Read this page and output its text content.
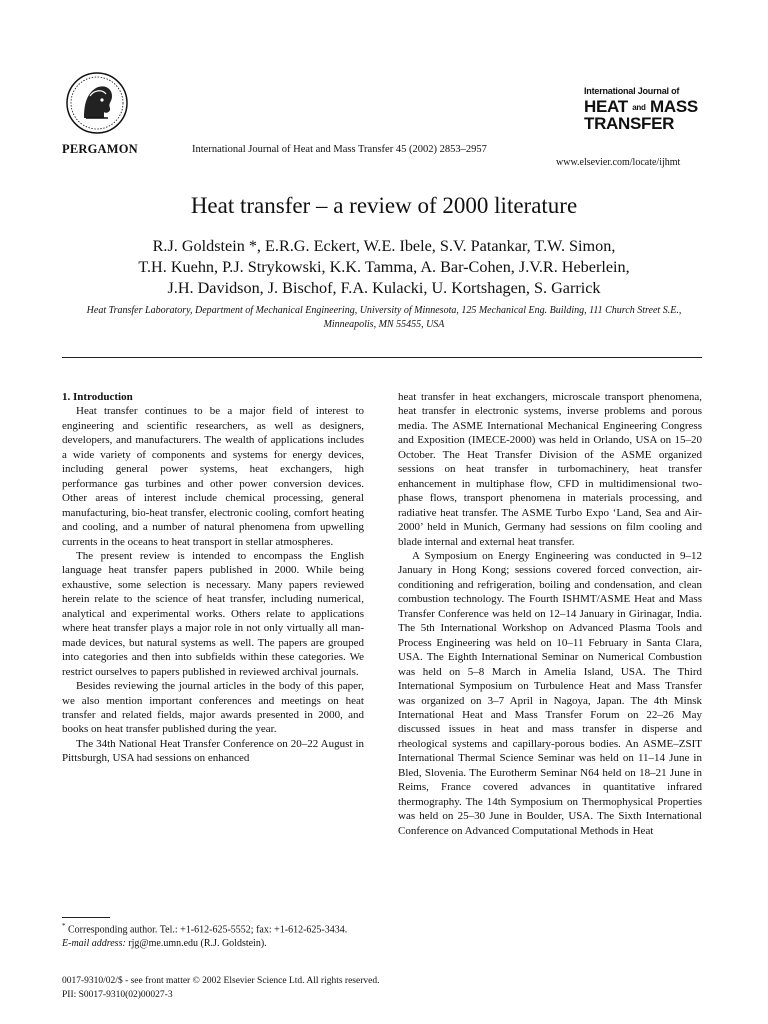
PERGAMON	International Journal of Heat and Mass Transfer 45 (2002) 2853–2957
International Journal of
HEAT and MASS
TRANSFER
www.elsevier.com/locate/ijhmt
Heat transfer – a review of 2000 literature
R.J. Goldstein *, E.R.G. Eckert, W.E. Ibele, S.V. Patankar, T.W. Simon,
T.H. Kuehn, P.J. Strykowski, K.K. Tamma, A. Bar-Cohen, J.V.R. Heberlein,
J.H. Davidson, J. Bischof, F.A. Kulacki, U. Kortshagen, S. Garrick
Heat Transfer Laboratory, Department of Mechanical Engineering, University of Minnesota, 125 Mechanical Eng. Building, 111 Church Street S.E., Minneapolis, MN 55455, USA

1. Introduction

Heat transfer continues to be a major field of interest to engineering and scientific researchers, as well as designers, developers, and manufacturers. The wealth of applications includes a wide variety of components and systems for energy devices, including general power systems, heat exchangers, high performance gas turbines and other power conversion devices. Other areas of interest include chemical processing, general manufacturing, bio-heat transfer, electronic cooling, comfort heating and cooling, and a number of natural phenomena from upwelling currents in the oceans to heat transport in stellar atmospheres.

The present review is intended to encompass the English language heat transfer papers published in 2000. While being exhaustive, some selection is necessary. Many papers reviewed herein relate to the science of heat transfer, including numerical, analytical and experimental works. Others relate to applications where heat transfer plays a major role in not only virtually all man-made devices, but natural systems as well. The papers are grouped into categories and then into subfields within these categories. We restrict ourselves to papers published in reviewed archival journals.

Besides reviewing the journal articles in the body of this paper, we also mention important conferences and meetings on heat transfer and related fields, major awards presented in 2000, and books on heat transfer published during the year.

The 34th National Heat Transfer Conference on 20–22 August in Pittsburgh, USA had sessions on enhanced

heat transfer in heat exchangers, microscale transport phenomena, heat transfer in electronic systems, inverse problems and porous media. The ASME International Mechanical Engineering Congress and Exposition (IMECE-2000) was held in Orlando, USA on 15–20 October. The Heat Transfer Division of the ASME organized sessions on heat transfer in turbomachinery, heat transfer enhancement in multiphase flow, CFD in multidimensional two-phase flows, transport phenomena in materials processing, and radiative heat transfer. The ASME Turbo Expo ‘Land, Sea and Air-2000’ held in Munich, Germany had sessions on film cooling and blade internal and external heat transfer.

A Symposium on Energy Engineering was conducted in 9–12 January in Hong Kong; sessions covered forced convection, air-conditioning and refrigeration, boiling and condensation, and clean combustion technology. The Fourth ISHMT/ASME Heat and Mass Transfer Conference was held on 12–14 January in Girinagar, India. The 5th International Workshop on Advanced Plasma Tools and Process Engineering was held on 10–11 February in Santa Clara, USA. The Eighth International Seminar on Numerical Combustion was held on 5–8 March in Amelia Island, USA. The Third International Symposium on Turbulence Heat and Mass Transfer was organized on 3–7 April in Nagoya, Japan. The 4th Minsk International Heat and Mass Transfer Forum on 22–26 May discussed issues in heat and mass transfer in disperse and rheological systems and capillary-porous bodies. An ASME–ZSIT International Thermal Science Seminar was held on 11–14 June in Bled, Slovenia. The Eurotherm Seminar N64 held on 18–21 June in Reims, France covered advances in quantitative infrared thermography. The 14th Symposium on Thermophysical Properties was held on 25–30 June in Boulder, USA. The Sixth International Conference on Advanced Computational Methods in Heat

* Corresponding author. Tel.: +1-612-625-5552; fax: +1-612-625-3434.

E-mail address: rjg@me.umn.edu (R.J. Goldstein).

0017-9310/02/$ - see front matter © 2002 Elsevier Science Ltd. All rights reserved.

PII: S0017-9310(02)00027-3
